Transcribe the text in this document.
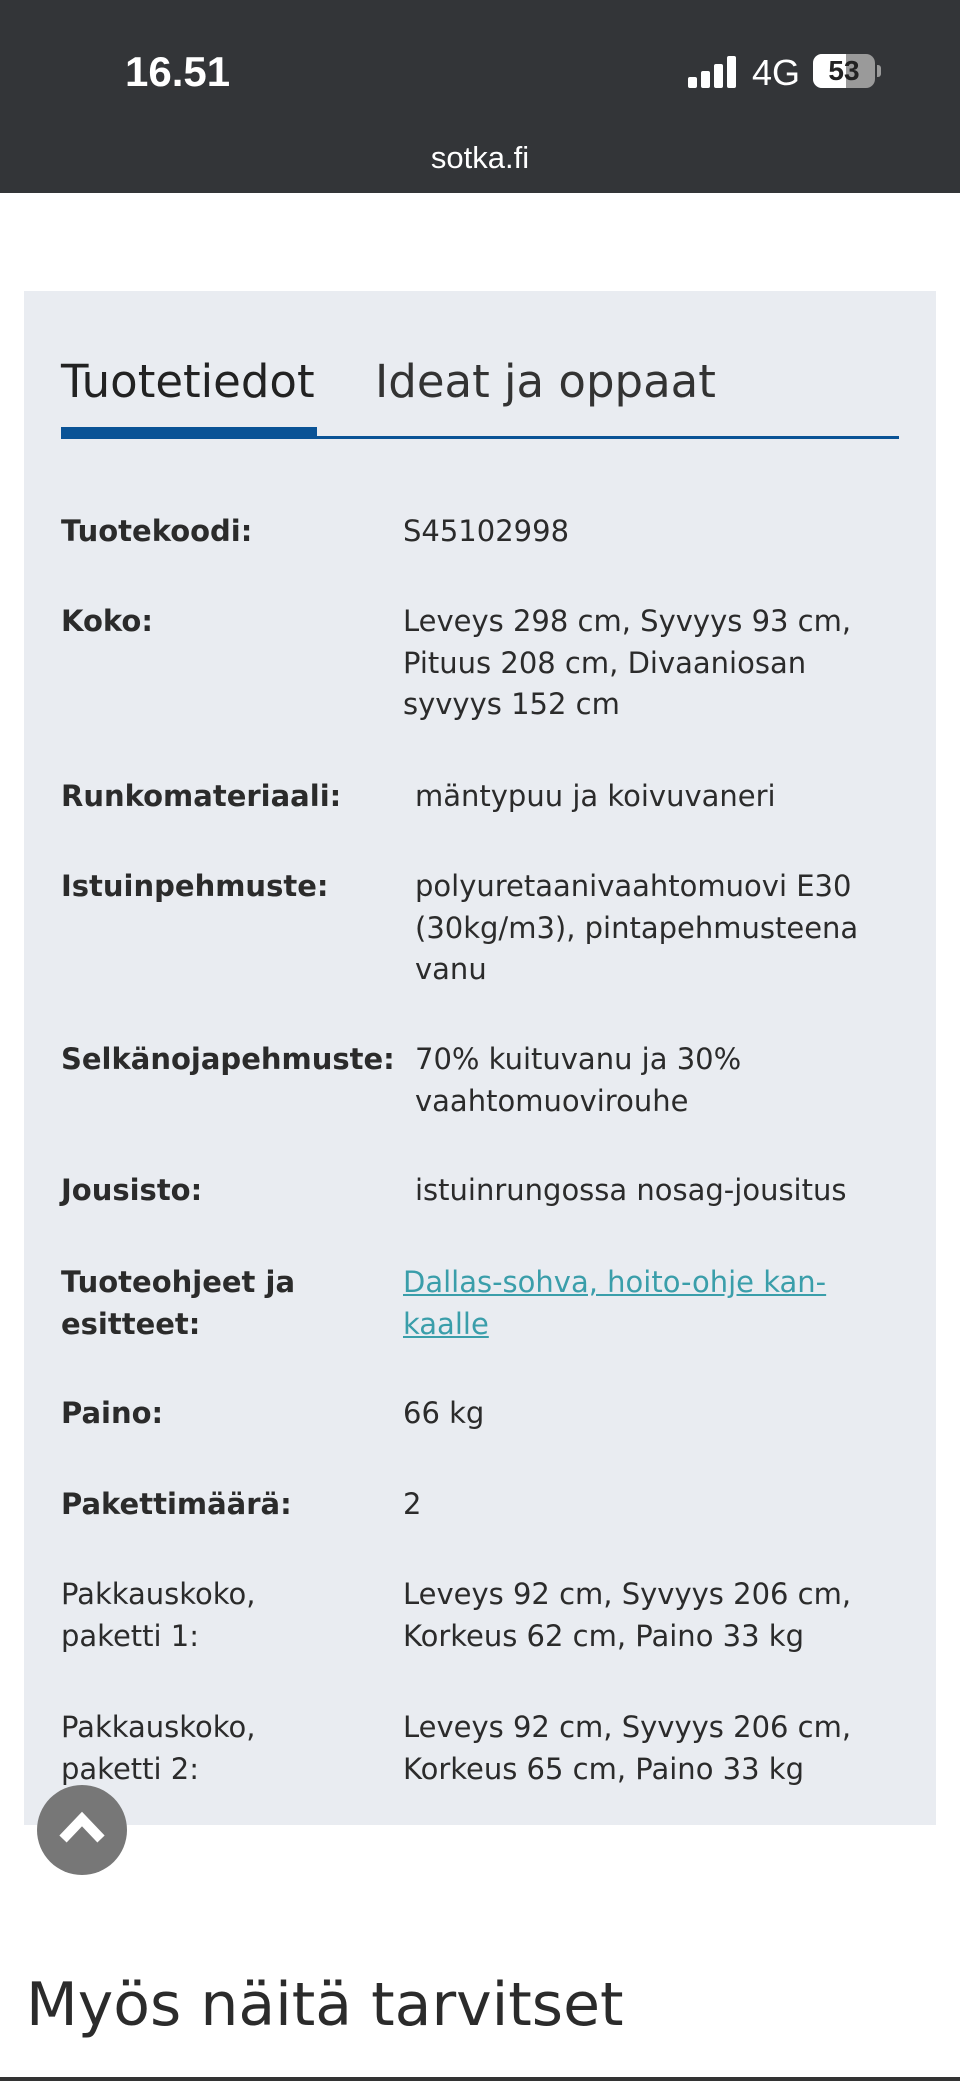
16.51	4G	53
sotka.fi
Tuotetiedot Ideat ja oppaat
Tuotekoodi:	S45102998
Koko:	Leveys 298 cm, Syvyys 93 cm,
Pituus 208 cm, Divaaniosan
syvyys 152 cm
Runkomateriaali:	mäntypuu ja koivuvaneri
Istuinpehmuste:	polyuretaanivaahtomuovi E30
(30kg/m3), pintapehmusteena
vanu
Selkänojapehmuste: 70% kuituvanu ja 30%
vaahtomuovirouhe
Jousisto:	istuinrungossa nosag-jousitus
Tuoteohjeet ja
esitteet:
Dallas-sohva, hoito-ohje kan-
kaalle
Paino:	66 kg
Pakettimäärä:	2
Pakkauskoko,
paketti 1:
Leveys 92 cm, Syvyys 206 cm,
Korkeus 62 cm, Paino 33 kg
Pakkauskoko,
paketti 2:
Leveys 92 cm, Syvyys 206 cm,
Korkeus 65 cm, Paino 33 kg
Myös näitä tarvitset
